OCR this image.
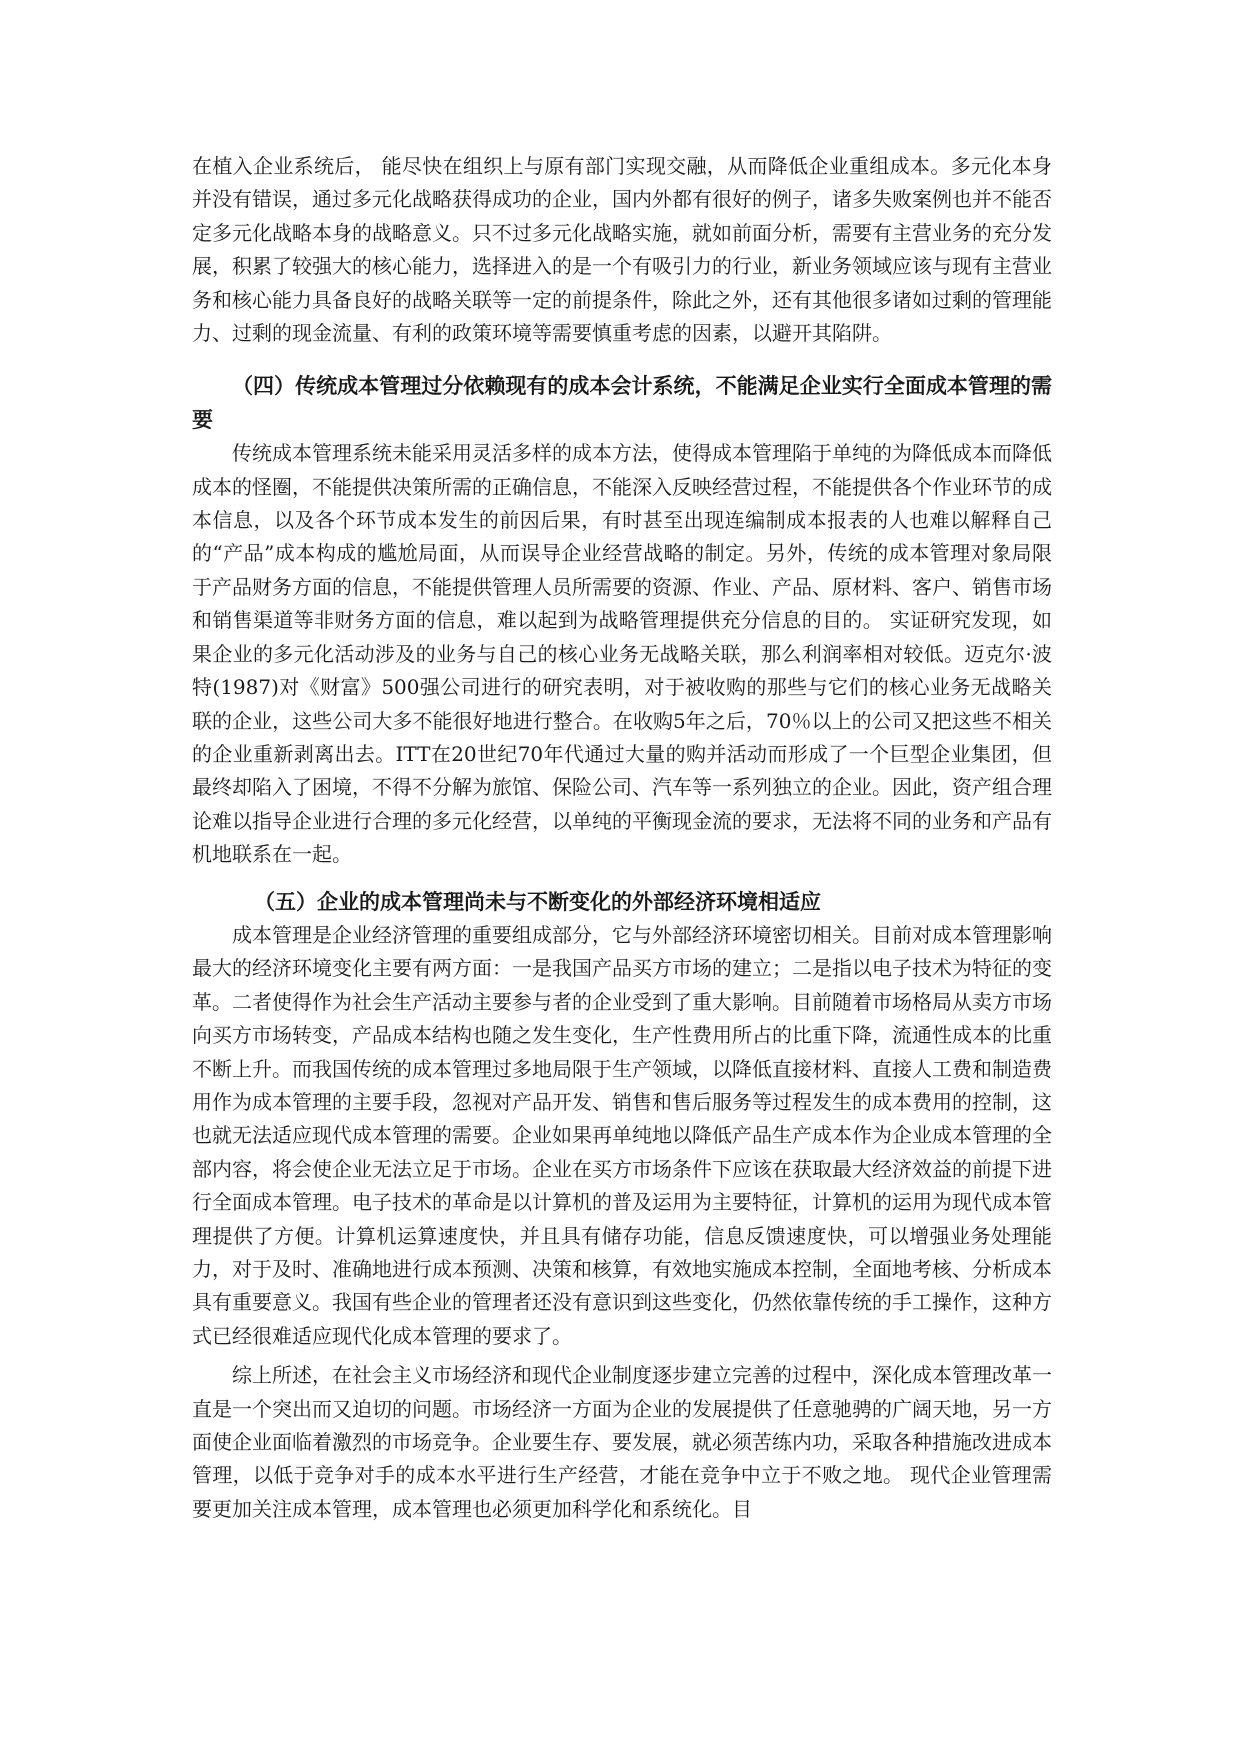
在植入企业系统后， 能尽快在组织上与原有部门实现交融，从而降低企业重组成本。多元化本身并没有错误，通过多元化战略获得成功的企业，国内外都有很好的例子，诸多失败案例也并不能否定多元化战略本身的战略意义。只不过多元化战略实施，就如前面分析，需要有主营业务的充分发展，积累了较强大的核心能力，选择进入的是一个有吸引力的行业，新业务领域应该与现有主营业务和核心能力具备良好的战略关联等一定的前提条件，除此之外，还有其他很多诸如过剩的管理能力、过剩的现金流量、有利的政策环境等需要慎重考虑的因素，以避开其陷阱。

（四）传统成本管理过分依赖现有的成本会计系统，不能满足企业实行全面成本管理的需要

传统成本管理系统未能采用灵活多样的成本方法，使得成本管理陷于单纯的为降低成本而降低成本的怪圈，不能提供决策所需的正确信息，不能深入反映经营过程，不能提供各个作业环节的成本信息，以及各个环节成本发生的前因后果，有时甚至出现连编制成本报表的人也难以解释自己的“产品”成本构成的尴尬局面，从而误导企业经营战略的制定。另外，传统的成本管理对象局限于产品财务方面的信息，不能提供管理人员所需要的资源、作业、产品、原材料、客户、销售市场和销售渠道等非财务方面的信息，难以起到为战略管理提供充分信息的目的。 实证研究发现，如果企业的多元化活动涉及的业务与自己的核心业务无战略关联，那么利润率相对较低。迈克尔·波特(1987)对《财富》500强公司进行的研究表明，对于被收购的那些与它们的核心业务无战略关联的企业，这些公司大多不能很好地进行整合。在收购5年之后，70％以上的公司又把这些不相关的企业重新剥离出去。ITT在20世纪70年代通过大量的购并活动而形成了一个巨型企业集团，但最终却陷入了困境，不得不分解为旅馆、保险公司、汽车等一系列独立的企业。因此，资产组合理论难以指导企业进行合理的多元化经营，以单纯的平衡现金流的要求，无法将不同的业务和产品有机地联系在一起。

（五）企业的成本管理尚未与不断变化的外部经济环境相适应

成本管理是企业经济管理的重要组成部分，它与外部经济环境密切相关。目前对成本管理影响最大的经济环境变化主要有两方面：一是我国产品买方市场的建立；二是指以电子技术为特征的变革。二者使得作为社会生产活动主要参与者的企业受到了重大影响。目前随着市场格局从卖方市场向买方市场转变，产品成本结构也随之发生变化，生产性费用所占的比重下降，流通性成本的比重不断上升。而我国传统的成本管理过多地局限于生产领域，以降低直接材料、直接人工费和制造费用作为成本管理的主要手段，忽视对产品开发、销售和售后服务等过程发生的成本费用的控制，这也就无法适应现代成本管理的需要。企业如果再单纯地以降低产品生产成本作为企业成本管理的全部内容，将会使企业无法立足于市场。企业在买方市场条件下应该在获取最大经济效益的前提下进行全面成本管理。电子技术的革命是以计算机的普及运用为主要特征，计算机的运用为现代成本管理提供了方便。计算机运算速度快，并且具有储存功能，信息反馈速度快，可以增强业务处理能力，对于及时、准确地进行成本预测、决策和核算，有效地实施成本控制，全面地考核、分析成本具有重要意义。我国有些企业的管理者还没有意识到这些变化，仍然依靠传统的手工操作，这种方式已经很难适应现代化成本管理的要求了。

综上所述，在社会主义市场经济和现代企业制度逐步建立完善的过程中，深化成本管理改革一直是一个突出而又迫切的问题。市场经济一方面为企业的发展提供了任意驰骋的广阔天地，另一方面使企业面临着激烈的市场竞争。企业要生存、要发展，就必须苦练内功，采取各种措施改进成本管理，以低于竞争对手的成本水平进行生产经营，才能在竞争中立于不败之地。 现代企业管理需要更加关注成本管理，成本管理也必须更加科学化和系统化。目
